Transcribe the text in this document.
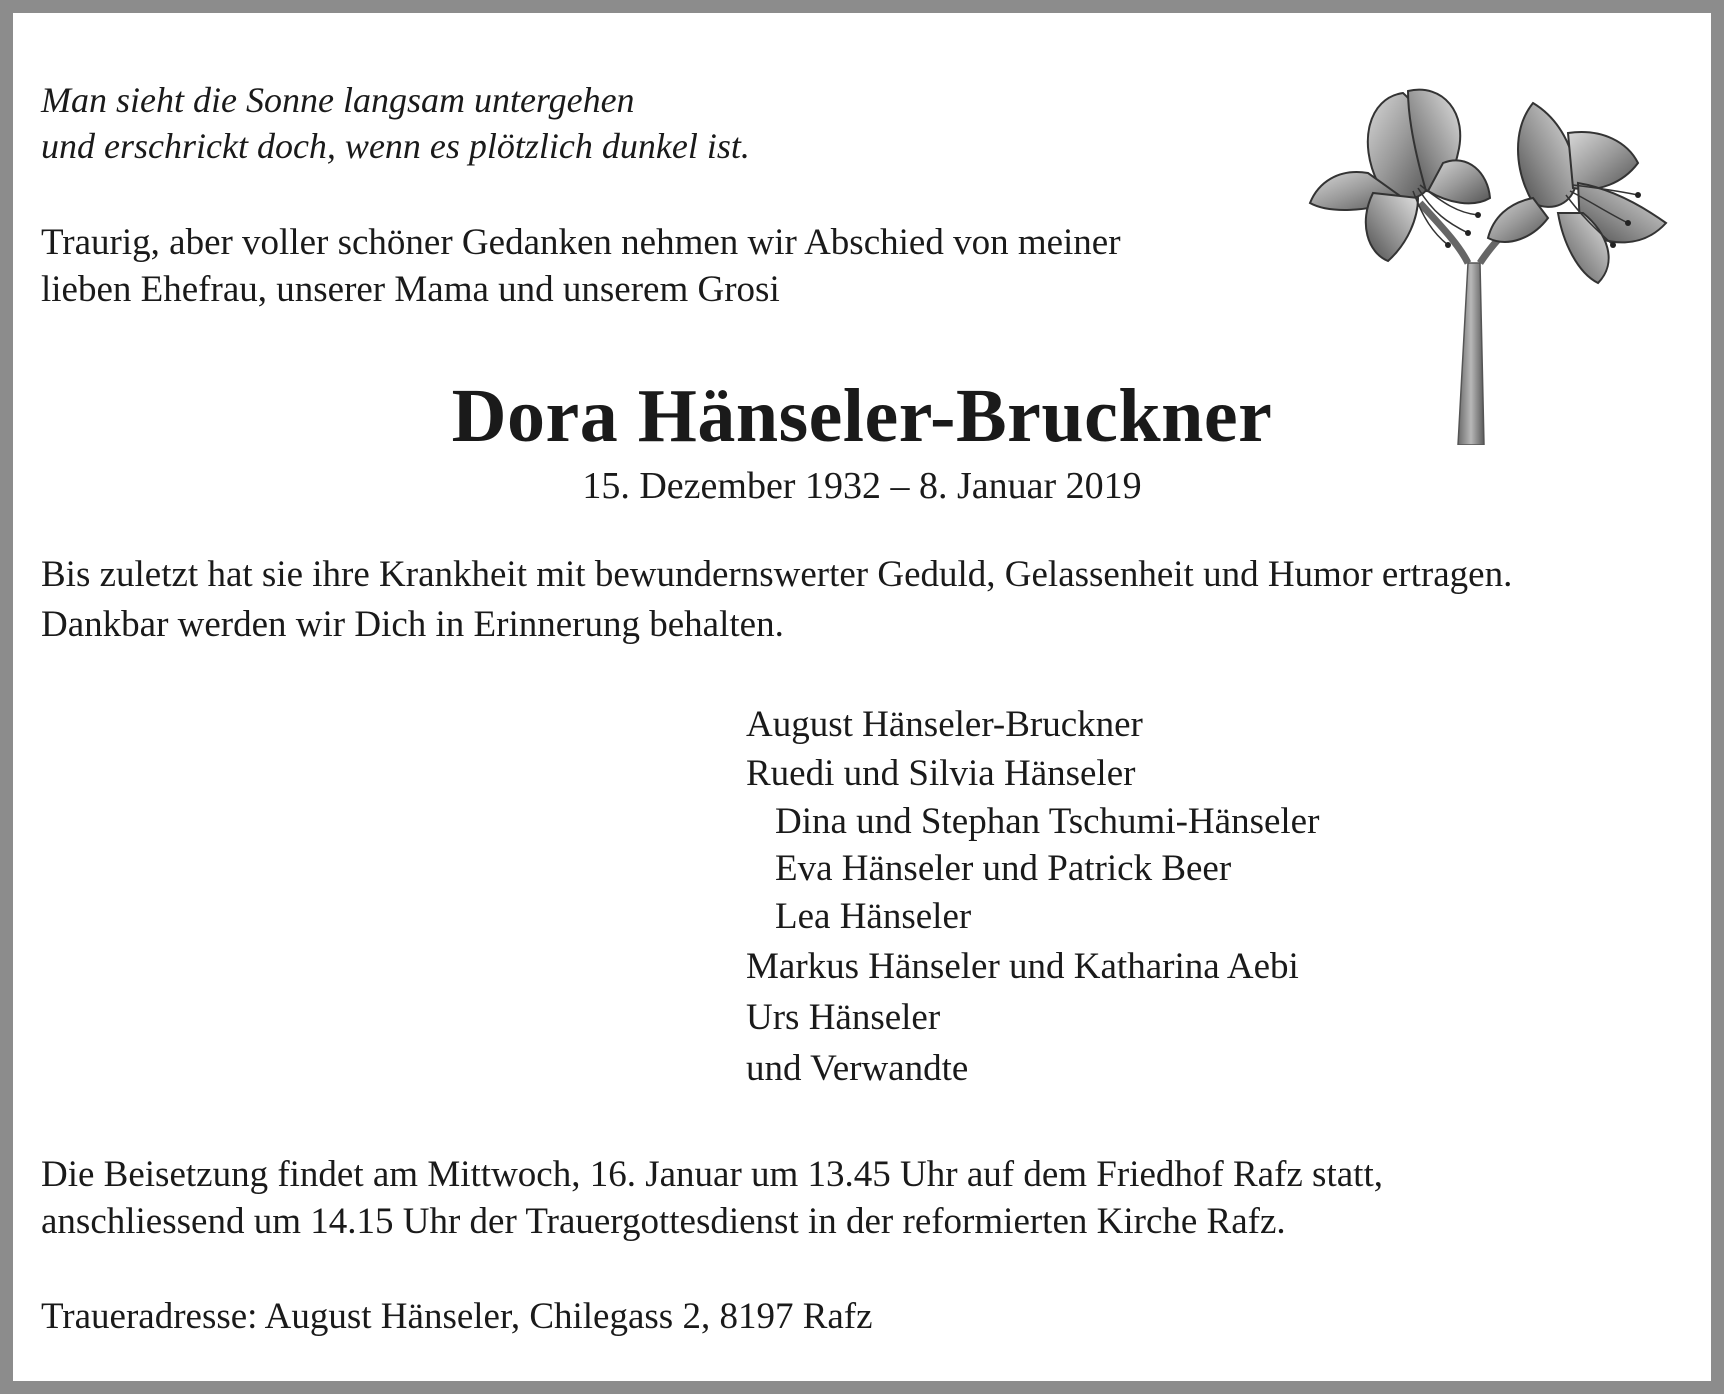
Man sieht die Sonne langsam untergehen
und erschrickt doch, wenn es plötzlich dunkel ist.
Traurig, aber voller schöner Gedanken nehmen wir Abschied von meiner
lieben Ehefrau, unserer Mama und unserem Grosi
Dora Hänseler-Bruckner
15. Dezember 1932 – 8. Januar 2019
Bis zuletzt hat sie ihre Krankheit mit bewundernswerter Geduld, Gelassenheit und Humor ertragen.
Dankbar werden wir Dich in Erinnerung behalten.
August Hänseler-Bruckner
Ruedi und Silvia Hänseler
Dina und Stephan Tschumi-Hänseler
Eva Hänseler und Patrick Beer
Lea Hänseler
Markus Hänseler und Katharina Aebi
Urs Hänseler
und Verwandte
Die Beisetzung findet am Mittwoch, 16. Januar um 13.45 Uhr auf dem Friedhof Rafz statt,
anschliessend um 14.15 Uhr der Trauergottesdienst in der reformierten Kirche Rafz.
Traueradresse: August Hänseler, Chilegass 2, 8197 Rafz
